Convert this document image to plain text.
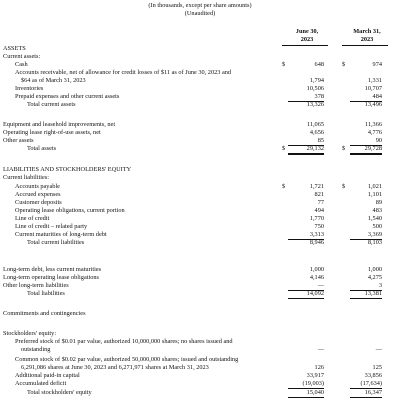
(In thousands, except per share amounts)
(Unaudited)
June 30,
2023
March 31,
2023
ASSETS
Current assets:
Cash	$	648	$	974
Accounts receivable, net of allowance for credit losses of $11 as of June 30, 2023 and
$64 as of March 31, 2023	1,794	1,331
Inventories	10,506	10,707
Prepaid expenses and other current assets	378	484
Total current assets	13,326	13,496
Equipment and leasehold improvements, net	11,065	11,366
Operating lease right-of-use assets, net	4,656	4,776
Other assets	85	90
Total assets	$	29,132	$	29,728
LIABILITIES AND STOCKHOLDERS' EQUITY
Current liabilities:
Accounts payable	$	1,721	$	1,021
Accrued expenses	821	1,101
Customer deposits	77	89
Operating lease obligations, current portion	494	483
Line of credit	1,770	1,540
Line of credit – related party	750	500
Current maturities of long-term debt	3,313	3,369
Total current liabilities	8,946	8,103
Long-term debt, less current maturities	1,000	1,000
Long-term operating lease obligations	4,146	4,275
Other long-term liabilities	—	3
Total liabilities	14,092	13,381
Commitments and contingencies
Stockholders' equity:
Preferred stock of $0.01 par value, authorized 10,000,000 shares; no shares issued and
outstanding	—	—
Common stock of $0.02 par value, authorized 50,000,000 shares; issued and outstanding
6,291,086 shares at June 30, 2023 and 6,271,971 shares at March 31, 2023	126	125
Additional paid-in capital	33,917	33,856
Accumulated deficit	(19,003)	(17,634)
Total stockholders' equity	15,040	16,347
